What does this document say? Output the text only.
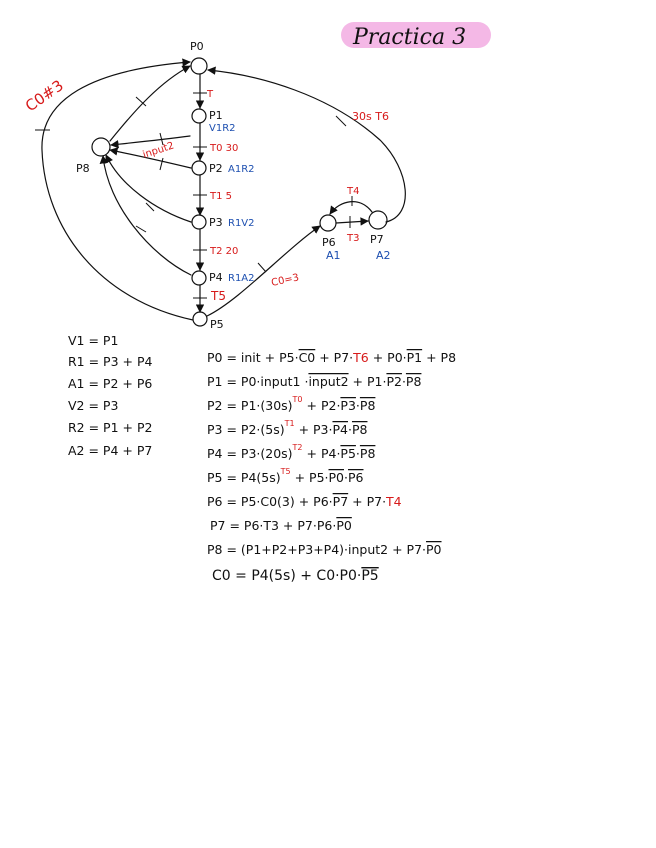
Practica 3
P0
P1
P2
P3
P4
P5
P8
P6	P7
V1R2
A1R2
R1V2
R1A2
A1	A2
T
input2	T0 30
T1 5
T2 20
T5
C0=3
T3
T4
30s T6
C0#3
V1 = P1
R1 = P3 + P4
A1 = P2 + P6
V2 = P3
R2 = P1 + P2
A2 = P4 + P7
P0 = init + P5·C0 + P7·T6 + P0·P1 + P8
P1 = P0·input1 ·input2 + P1·P2·P8
$P2 = P1\cdot(30s)^{T0} + P2\cdot P3\cdot P8$
$P3 = P2\cdot(5s)^{T1} + P3\cdot P4\cdot P8$
$P4 = P3\cdot(20s)^{T2} + P4\cdot P5\cdot P8$
$P5 = P4(5s)^{T5} + P5\cdot P0\cdot P6$
P6 = P5·C0(3) + P6·P7 + P7·T4
P7 = P6·T3 + P7·P6·P0
P8 = (P1+P2+P3+P4)·input2 + P7·P0
C0 = P4(5s) + C0·P0·P5
